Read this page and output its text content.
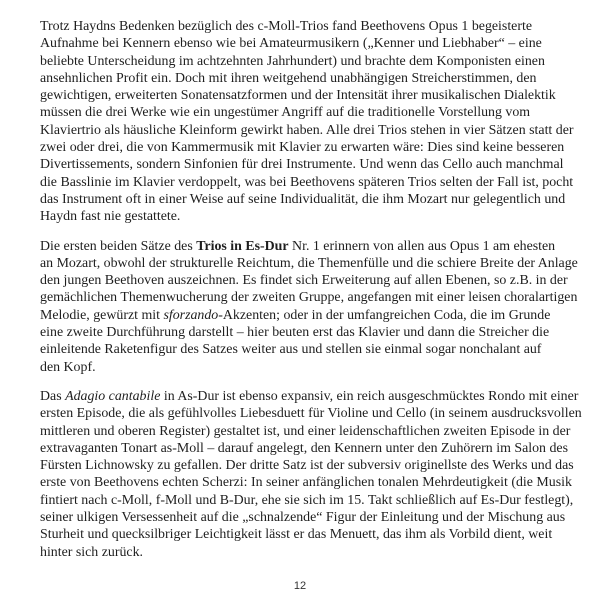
Trotz Haydns Bedenken bezüglich des c-Moll-Trios fand Beethovens Opus 1 begeisterte
Aufnahme bei Kennern ebenso wie bei Amateurmusikern („Kenner und Liebhaber“ – eine
beliebte Unterscheidung im achtzehnten Jahrhundert) und brachte dem Komponisten einen
ansehnlichen Profit ein. Doch mit ihren weitgehend unabhängigen Streicherstimmen, den
gewichtigen, erweiterten Sonatensatzformen und der Intensität ihrer musikalischen Dialektik
müssen die drei Werke wie ein ungestümer Angriff auf die traditionelle Vorstellung vom
Klaviertrio als häusliche Kleinform gewirkt haben. Alle drei Trios stehen in vier Sätzen statt der
zwei oder drei, die von Kammermusik mit Klavier zu erwarten wäre: Dies sind keine besseren
Divertissements, sondern Sinfonien für drei Instrumente. Und wenn das Cello auch manchmal
die Basslinie im Klavier verdoppelt, was bei Beethovens späteren Trios selten der Fall ist, pocht
das Instrument oft in einer Weise auf seine Individualität, die ihm Mozart nur gelegentlich und
Haydn fast nie gestattete.

Die ersten beiden Sätze des Trios in Es-Dur Nr. 1 erinnern von allen aus Opus 1 am ehesten
an Mozart, obwohl der strukturelle Reichtum, die Themenfülle und die schiere Breite der Anlage
den jungen Beethoven auszeichnen. Es findet sich Erweiterung auf allen Ebenen, so z.B. in der
gemächlichen Themenwucherung der zweiten Gruppe, angefangen mit einer leisen choralartigen
Melodie, gewürzt mit sforzando-Akzenten; oder in der umfangreichen Coda, die im Grunde
eine zweite Durchführung darstellt – hier beuten erst das Klavier und dann die Streicher die
einleitende Raketenfigur des Satzes weiter aus und stellen sie einmal sogar nonchalant auf
den Kopf.

Das Adagio cantabile in As-Dur ist ebenso expansiv, ein reich ausgeschmücktes Rondo mit einer
ersten Episode, die als gefühlvolles Liebesduett für Violine und Cello (in seinem ausdrucksvollen
mittleren und oberen Register) gestaltet ist, und einer leidenschaftlichen zweiten Episode in der
extravaganten Tonart as-Moll – darauf angelegt, den Kennern unter den Zuhörern im Salon des
Fürsten Lichnowsky zu gefallen. Der dritte Satz ist der subversiv originellste des Werks und das
erste von Beethovens echten Scherzi: In seiner anfänglichen tonalen Mehrdeutigkeit (die Musik
fintiert nach c-Moll, f-Moll und B-Dur, ehe sie sich im 15. Takt schließlich auf Es-Dur festlegt),
seiner ulkigen Versessenheit auf die „schnalzende“ Figur der Einleitung und der Mischung aus
Sturheit und quecksilbriger Leichtigkeit lässt er das Menuett, das ihm als Vorbild dient, weit
hinter sich zurück.

12
